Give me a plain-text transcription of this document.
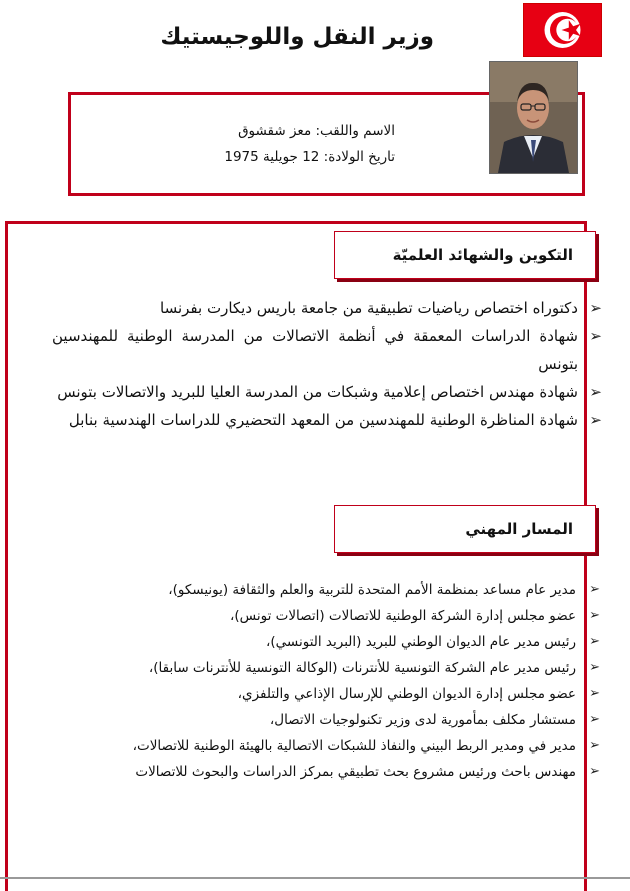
وزير النقل واللوجيستيك
الاسم واللقب: معز شقشوق
تاريخ الولادة: 12 جويلية 1975
التكوين والشهائد العلميّة
➢
دكتوراه اختصاص رياضيات تطبيقية من جامعة باريس ديكارت بفرنسا
➢
شهادة الدراسات المعمقة في أنظمة الاتصالات من المدرسة الوطنية للمهندسين بتونس
➢
شهادة مهندس اختصاص إعلامية وشبكات من المدرسة العليا للبريد والاتصالات بتونس
➢
شهادة المناظرة الوطنية للمهندسين من المعهد التحضيري للدراسات الهندسية بنابل
المسار المهني
➢
مدير عام مساعد بمنظمة الأمم المتحدة للتربية والعلم والثقافة (يونيسكو)،
➢
عضو مجلس إدارة الشركة الوطنية للاتصالات (اتصالات تونس)،
➢
رئيس مدير عام الديوان الوطني للبريد (البريد التونسي)،
➢
رئيس مدير عام الشركة التونسية للأنترنات (الوكالة التونسية للأنترنات سابقا)،
➢
عضو مجلس إدارة الديوان الوطني للإرسال الإذاعي والتلفزي،
➢
مستشار مكلف بمأمورية لدى وزير تكنولوجيات الاتصال،
➢
مدير في ومدير الربط البيني والنفاذ للشبكات الاتصالية بالهيئة الوطنية للاتصالات،
➢
مهندس باحث ورئيس مشروع بحث تطبيقي بمركز الدراسات والبحوث للاتصالات
